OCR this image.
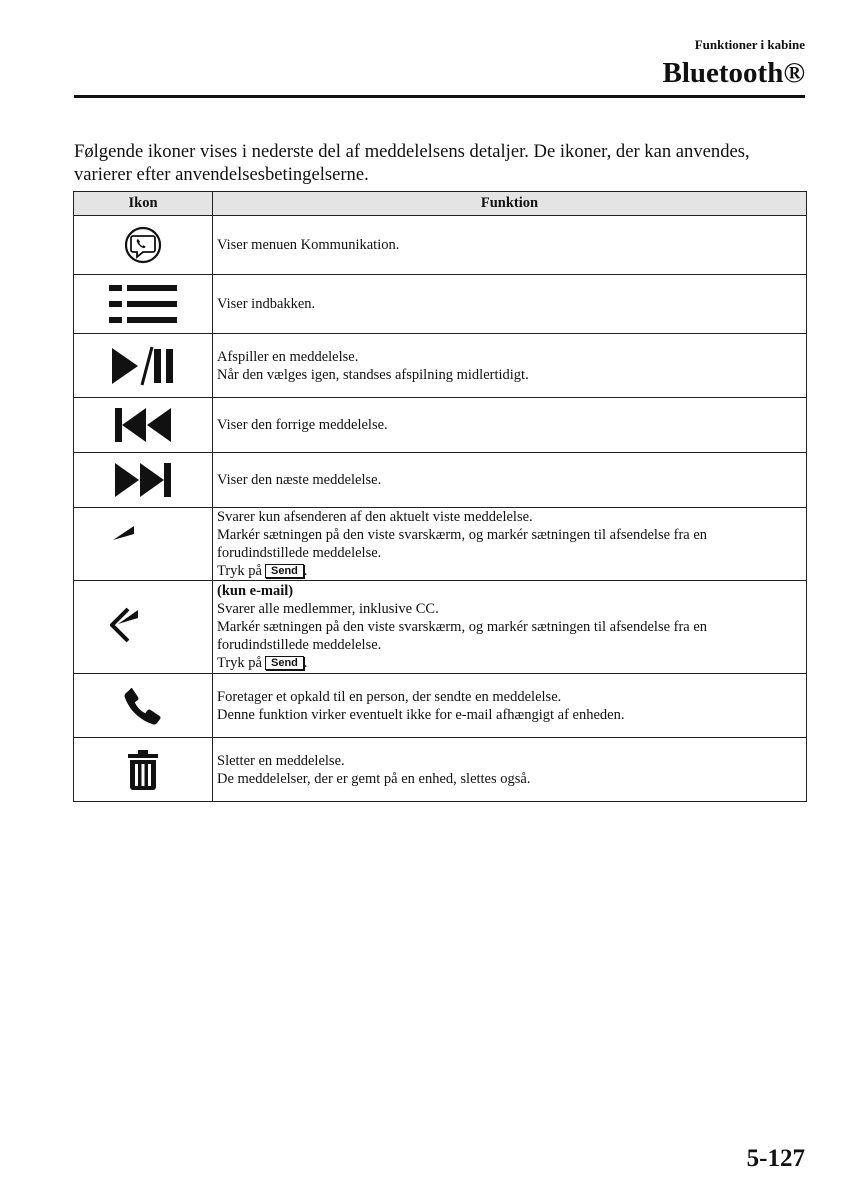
Funktioner i kabine
Bluetooth®

Følgende ikoner vises i nederste del af meddelelsens detaljer. De ikoner, der kan anvendes, varierer efter anvendelsesbetingelserne.

Ikon	Funktion

Viser menuen Kommunikation.

Viser indbakken.

Afspiller en meddelelse.
Når den vælges igen, standses afspilning midlertidigt.

Viser den forrige meddelelse.

Viser den næste meddelelse.

Svarer kun afsenderen af den aktuelt viste meddelelse.
Markér sætningen på den viste svarskærm, og markér sætningen til afsendelse fra en
forudindstillede meddelelse.
Tryk på Send .

(kun e-mail)
Svarer alle medlemmer, inklusive CC.
Markér sætningen på den viste svarskærm, og markér sætningen til afsendelse fra en
forudindstillede meddelelse.
Tryk på Send .

Foretager et opkald til en person, der sendte en meddelelse.
Denne funktion virker eventuelt ikke for e-mail afhængigt af enheden.

Sletter en meddelelse.
De meddelelser, der er gemt på en enhed, slettes også.
5-127
